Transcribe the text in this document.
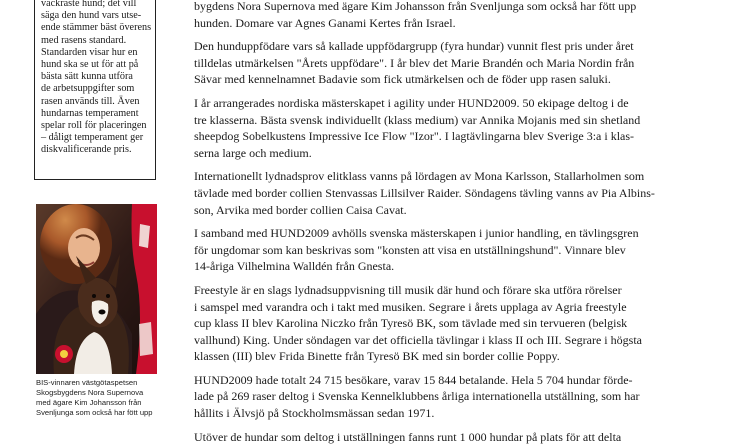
vackraste hund; det vill
säga den hund vars utse-
ende stämmer bäst överens
med rasens standard.
Standarden visar hur en
hund ska se ut för att på
bästa sätt kunna utföra
de arbetsuppgifter som
rasen används till. Även
hundarnas temperament
spelar roll för placeringen
– dåligt temperament ger
diskvalificerande pris.

BIS-vinnaren västgötaspetsen
Skogsbygdens Nora Supernova
med ägare Kim Johansson från
Svenljunga som också har fött upp

bygdens Nora Supernova med ägare Kim Johansson från Svenljunga som också har fött upp
hunden. Domare var Agnes Ganami Kertes från Israel.

Den hunduppfödare vars så kallade uppfödargrupp (fyra hundar) vunnit flest pris under året
tilldelas utmärkelsen "Årets uppfödare". I år blev det Marie Brandén och Maria Nordin från
Sävar med kennelnamnet Badavie som fick utmärkelsen och de föder upp rasen saluki.

I år arrangerades nordiska mästerskapet i agility under HUND2009. 50 ekipage deltog i de
tre klasserna. Bästa svensk individuellt (klass medium) var Annika Mojanis med sin shetland
sheepdog Sobelkustens Impressive Ice Flow "Izor". I lagtävlingarna blev Sverige 3:a i klas-
serna large och medium.

Internationellt lydnadsprov elitklass vanns på lördagen av Mona Karlsson, Stallarholmen som
tävlade med border collien Stenvassas Lillsilver Raider. Söndagens tävling vanns av Pia Albins-
son, Arvika med border collien Caisa Cavat.

I samband med HUND2009 avhölls svenska mästerskapen i junior handling, en tävlingsgren
för ungdomar som kan beskrivas som "konsten att visa en utställningshund". Vinnare blev
14-åriga Vilhelmina Walldén från Gnesta.

Freestyle är en slags lydnadsuppvisning till musik där hund och förare ska utföra rörelser
i samspel med varandra och i takt med musiken. Segrare i årets upplaga av Agria freestyle
cup klass II blev Karolina Niczko från Tyresö BK, som tävlade med sin tervueren (belgisk
vallhund) King. Under söndagen var det officiella tävlingar i klass II och III. Segrare i högsta
klassen (III) blev Frida Binette från Tyresö BK med sin border collie Poppy.

HUND2009 hade totalt 24 715 besökare, varav 15 844 betalande. Hela 5 704 hundar förde-
lade på 269 raser deltog i Svenska Kennelklubbens årliga internationella utställning, som har
hållits i Älvsjö på Stockholmsmässan sedan 1971.

Utöver de hundar som deltog i utställningen fanns runt 1 000 hundar på plats för att delta
